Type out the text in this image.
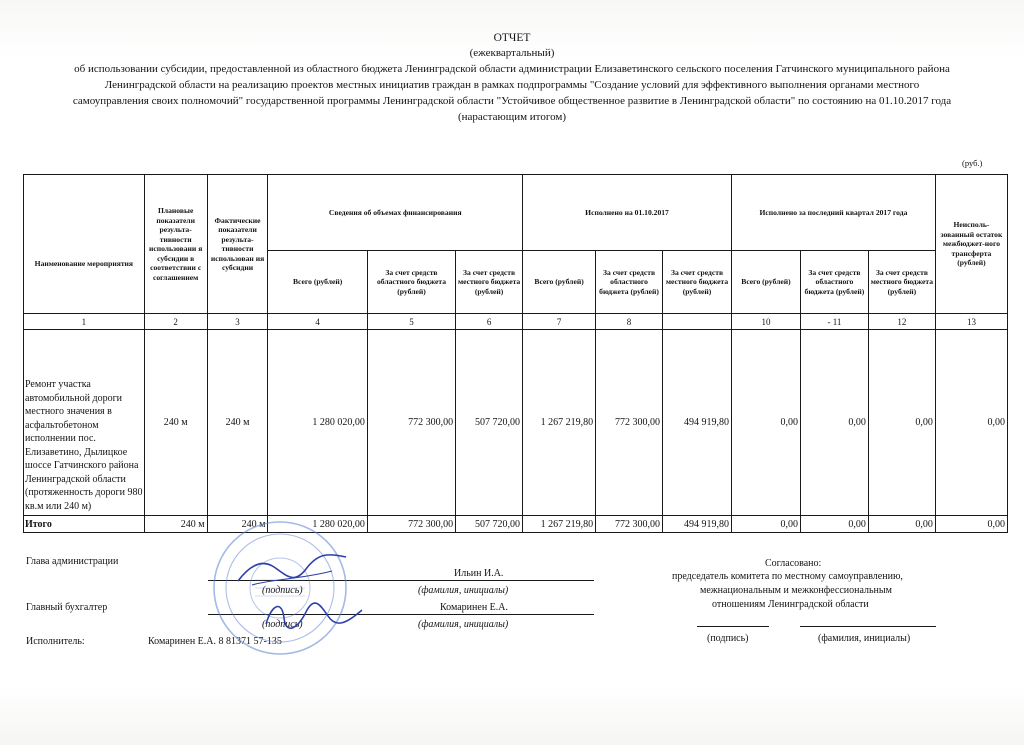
ОТЧЕТ
(ежеквартальный)
об использовании субсидии, предоставленной из областного бюджета Ленинградской области администрации Елизаветинского сельского поселения Гатчинского муниципального района
Ленинградской области на реализацию проектов местных инициатив граждан в рамках подпрограммы "Создание условий для эффективного выполнения органами местного
самоуправления своих полномочий" государственной программы Ленинградской области "Устойчивое общественное развитие в Ленинградской области" по состоянию на 01.10.2017 года
(нарастающим итогом)
(руб.)
Наименование мероприятия	Плановые показатели результа-тивности использовани я субсидии в соответствии с соглашением	Фактические показатели результа-тивности использован ия субсидии	Сведения об объемах финансирования			Исполнено на 01.10.2017			Исполнено за последний квартал 2017 года			Неисполь-зованный остаток межбюджет-ного трансферта (рублей)
			Всего (рублей)	За счет средств областного бюджета (рублей)	За счет средств местного бюджета (рублей)	Всего (рублей)	За счет средств областного бюджета (рублей)	За счет средств местного бюджета (рублей)	Всего (рублей)	За счет средств областного бюджета (рублей)	За счет средств местного бюджета (рублей)	
1	2	3	4	5	6	7	8		10	- 11	12	13
Ремонт участка автомобильной дороги местного значения в асфальтобетоном исполнении пос. Елизаветино, Дылицкое шоссе Гатчинского района Ленинградской области (протяженность дороги 980 кв.м или 240 м)	240 м	240 м	1 280 020,00	772 300,00	507 720,00	1 267 219,80	772 300,00	494 919,80	0,00	0,00	0,00	0,00
Итого	240 м	240 м	1 280 020,00	772 300,00	507 720,00	1 267 219,80	772 300,00	494 919,80	0,00	0,00	0,00	0,00
Глава администрации
Ильин И.А.
(подпись)	(фамилия, инициалы)
Главный бухгалтер	Комаринен Е.А.
(подпись)	(фамилия, инициалы)
Исполнитель:	Комаринен Е.А. 8 81371 57-135
Согласовано:
председатель комитета по местному самоуправлению,
межнациональным и межконфессиональным
отношениям Ленинградской области
(подпись)	(фамилия, инициалы)
